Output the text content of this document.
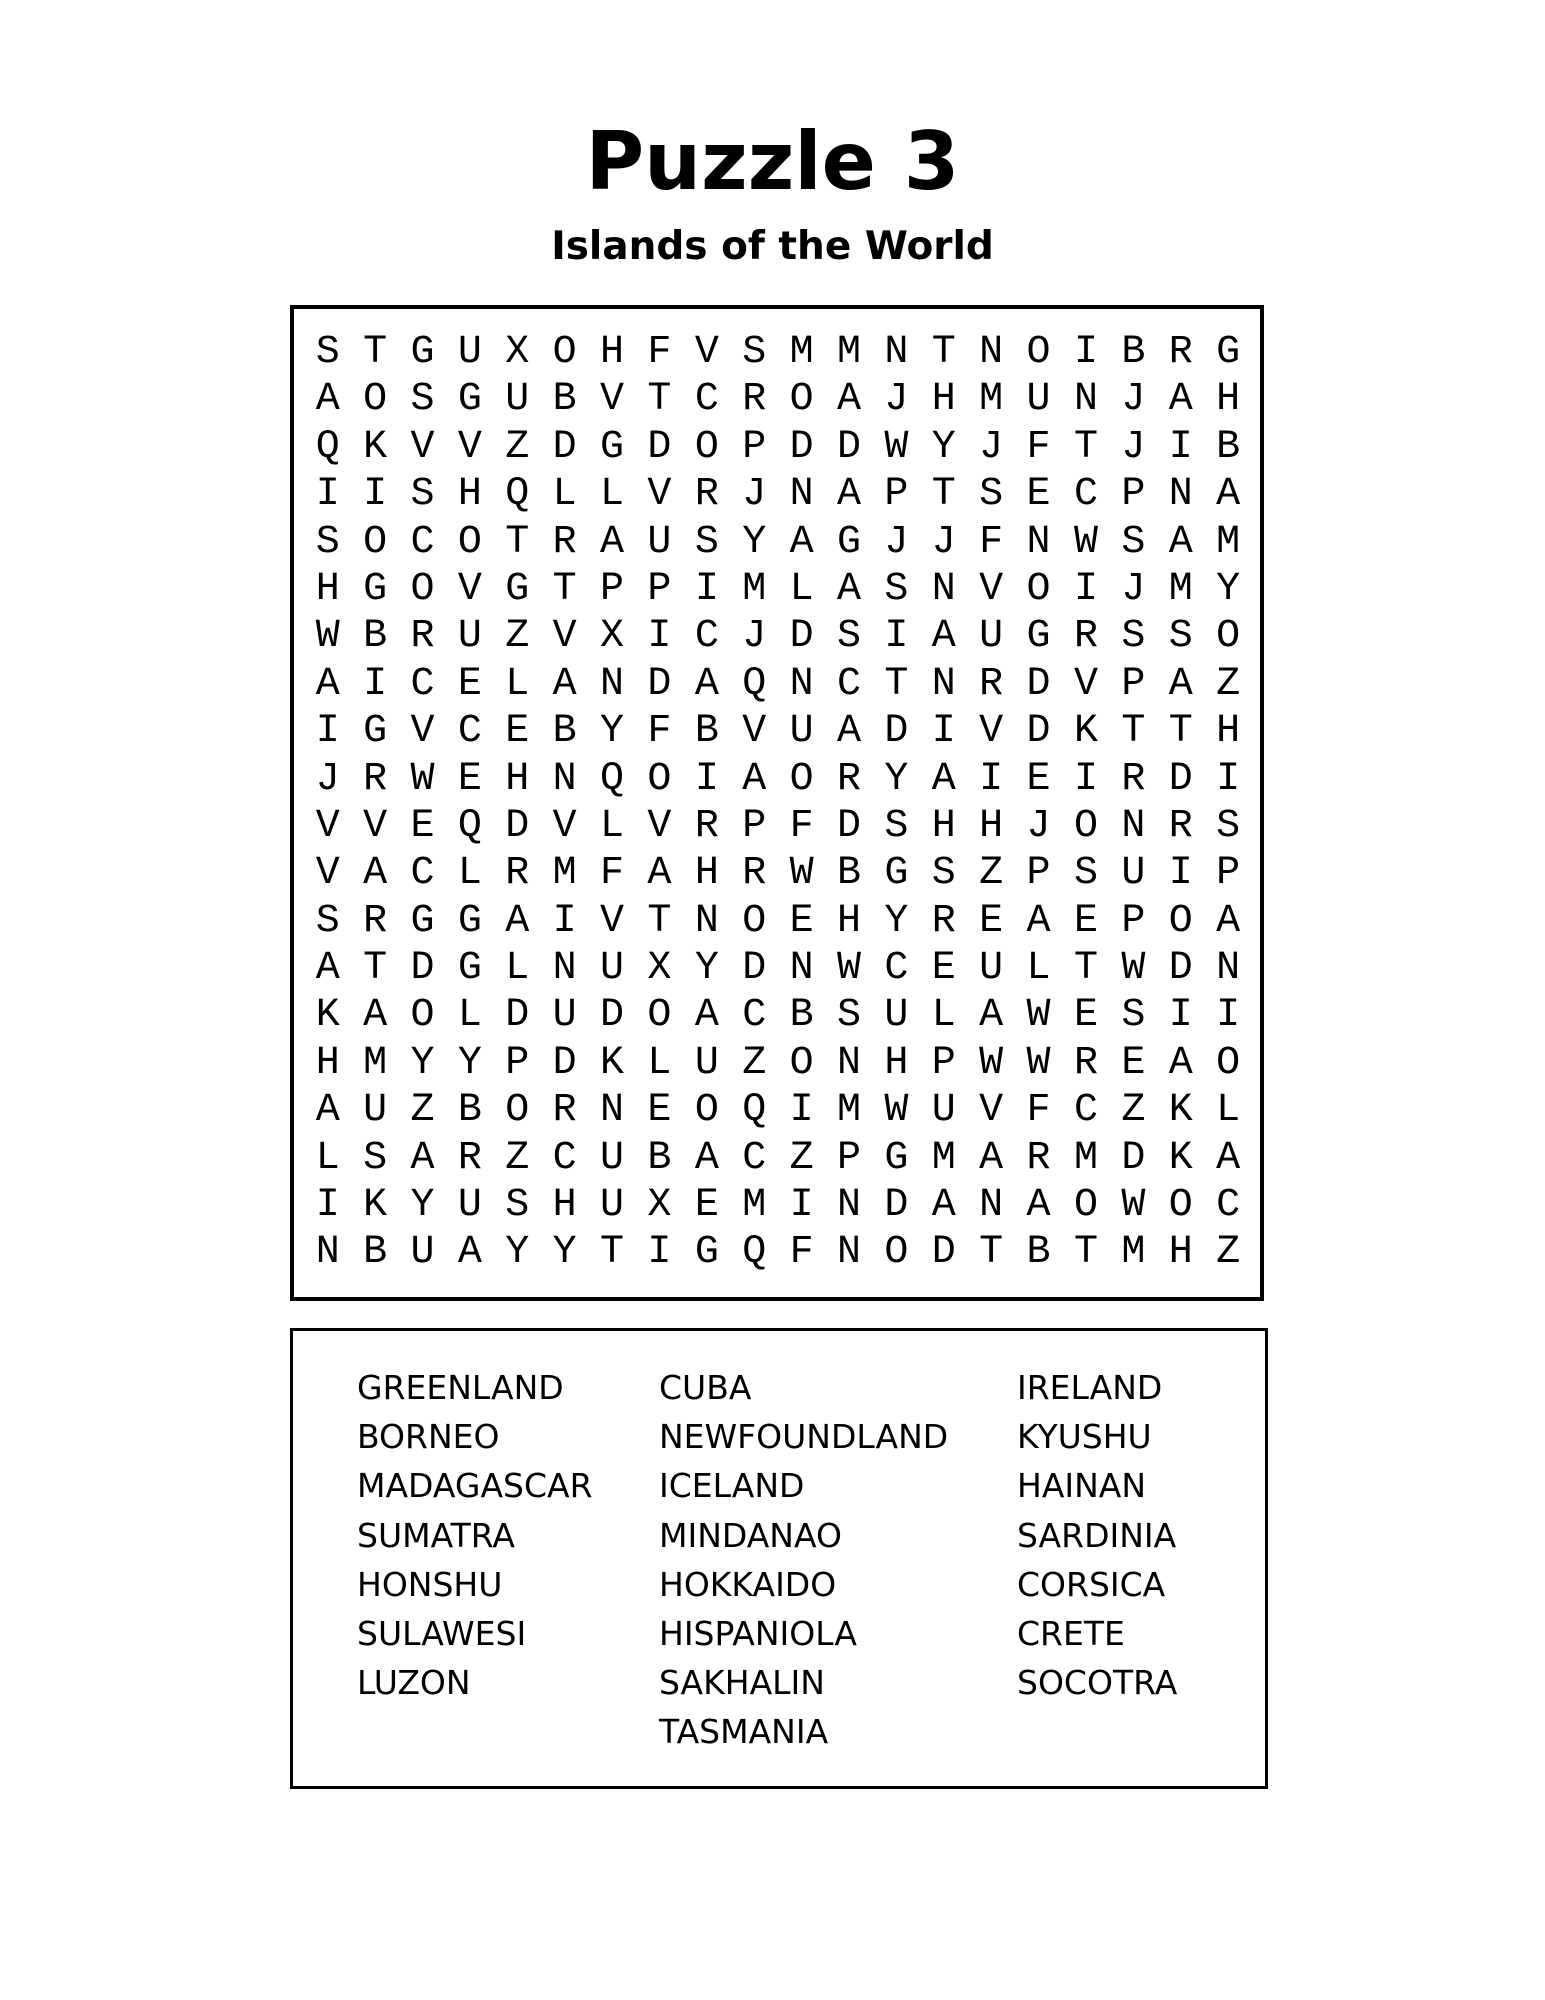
Puzzle 3
Islands of the World
S T G U X O H F V S M M N T N O I B R G
A O S G U B V T C R O A J H M U N J A H
Q K V V Z D G D O P D D W Y J F T J I B
I I S H Q L L V R J N A P T S E C P N A
S O C O T R A U S Y A G J J F N W S A M
H G O V G T P P I M L A S N V O I J M Y
W B R U Z V X I C J D S I A U G R S S O
A I C E L A N D A Q N C T N R D V P A Z
I G V C E B Y F B V U A D I V D K T T H
J R W E H N Q O I A O R Y A I E I R D I
V V E Q D V L V R P F D S H H J O N R S
V A C L R M F A H R W B G S Z P S U I P
S R G G A I V T N O E H Y R E A E P O A
A T D G L N U X Y D N W C E U L T W D N
K A O L D U D O A C B S U L A W E S I I
H M Y Y P D K L U Z O N H P W W R E A O
A U Z B O R N E O Q I M W U V F C Z K L
L S A R Z C U B A C Z P G M A R M D K A
I K Y U S H U X E M I N D A N A O W O C
N B U A Y Y T I G Q F N O D T B T M H Z
GREENLAND
BORNEO
MADAGASCAR
SUMATRA
HONSHU
SULAWESI
LUZON
CUBA
NEWFOUNDLAND
ICELAND
MINDANAO
HOKKAIDO
HISPANIOLA
SAKHALIN
TASMANIA
IRELAND
KYUSHU
HAINAN
SARDINIA
CORSICA
CRETE
SOCOTRA
